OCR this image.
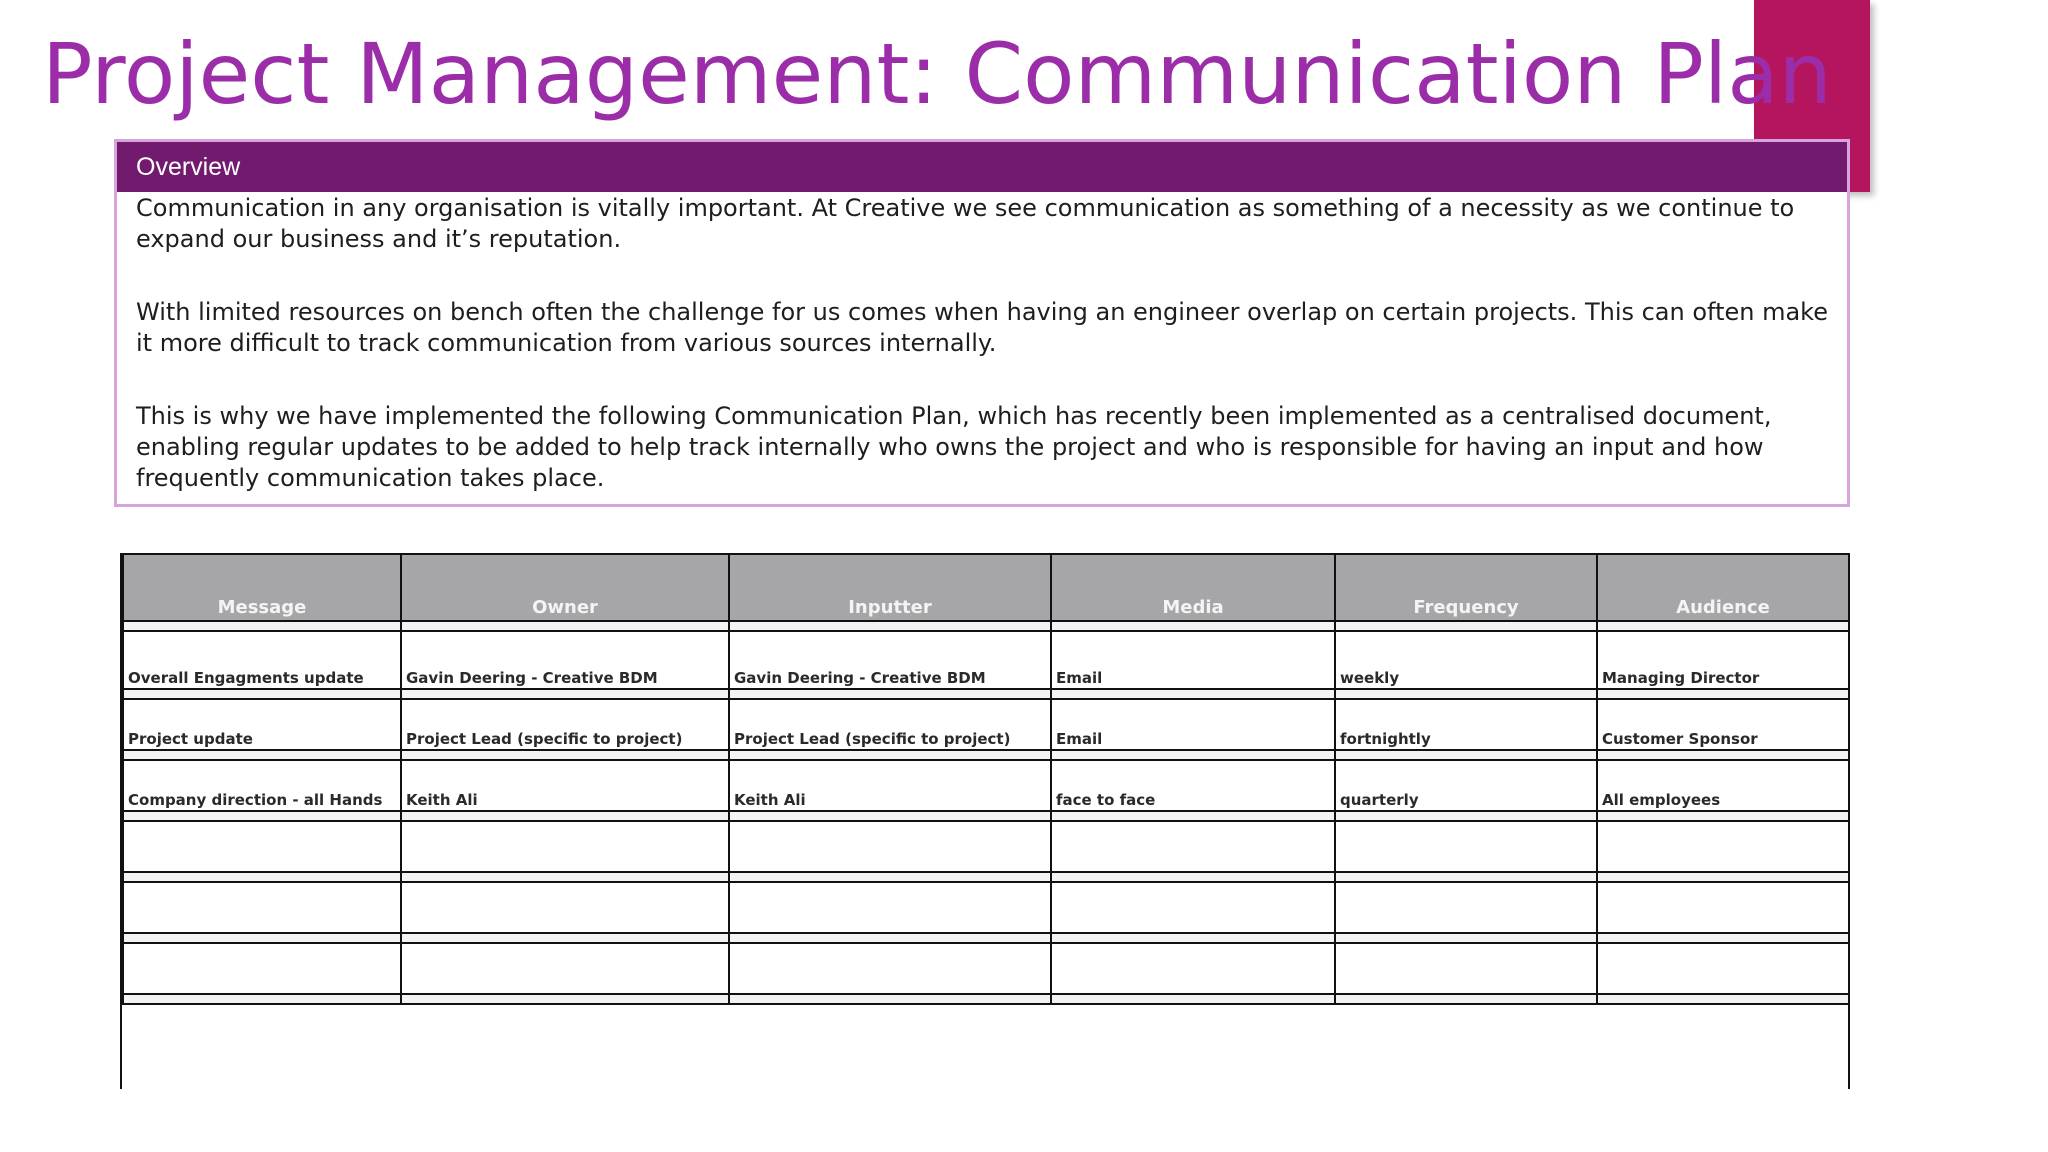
Project Management: Communication Plan
Overview

Communication in any organisation is vitally important. At Creative we see communication as something of a necessity as we continue to expand our business and it’s reputation.

With limited resources on bench often the challenge for us comes when having an engineer overlap on certain projects. This can often make it more difficult to track communication from various sources internally.

This is why we have implemented the following Communication Plan, which has recently been implemented as a centralised document, enabling regular updates to be added to help track internally who owns the project and who is responsible for having an input and how frequently communication takes place.

Message	Owner	Inputter	Media	Frequency	Audience

Overall Engagments update	Gavin Deering - Creative BDM	Gavin Deering - Creative BDM	Email	weekly	Managing Director

Project update	Project Lead (specific to project)	Project Lead (specific to project)	Email	fortnightly	Customer Sponsor

Company direction - all Hands	Keith Ali	Keith Ali	face to face	quarterly	All employees
